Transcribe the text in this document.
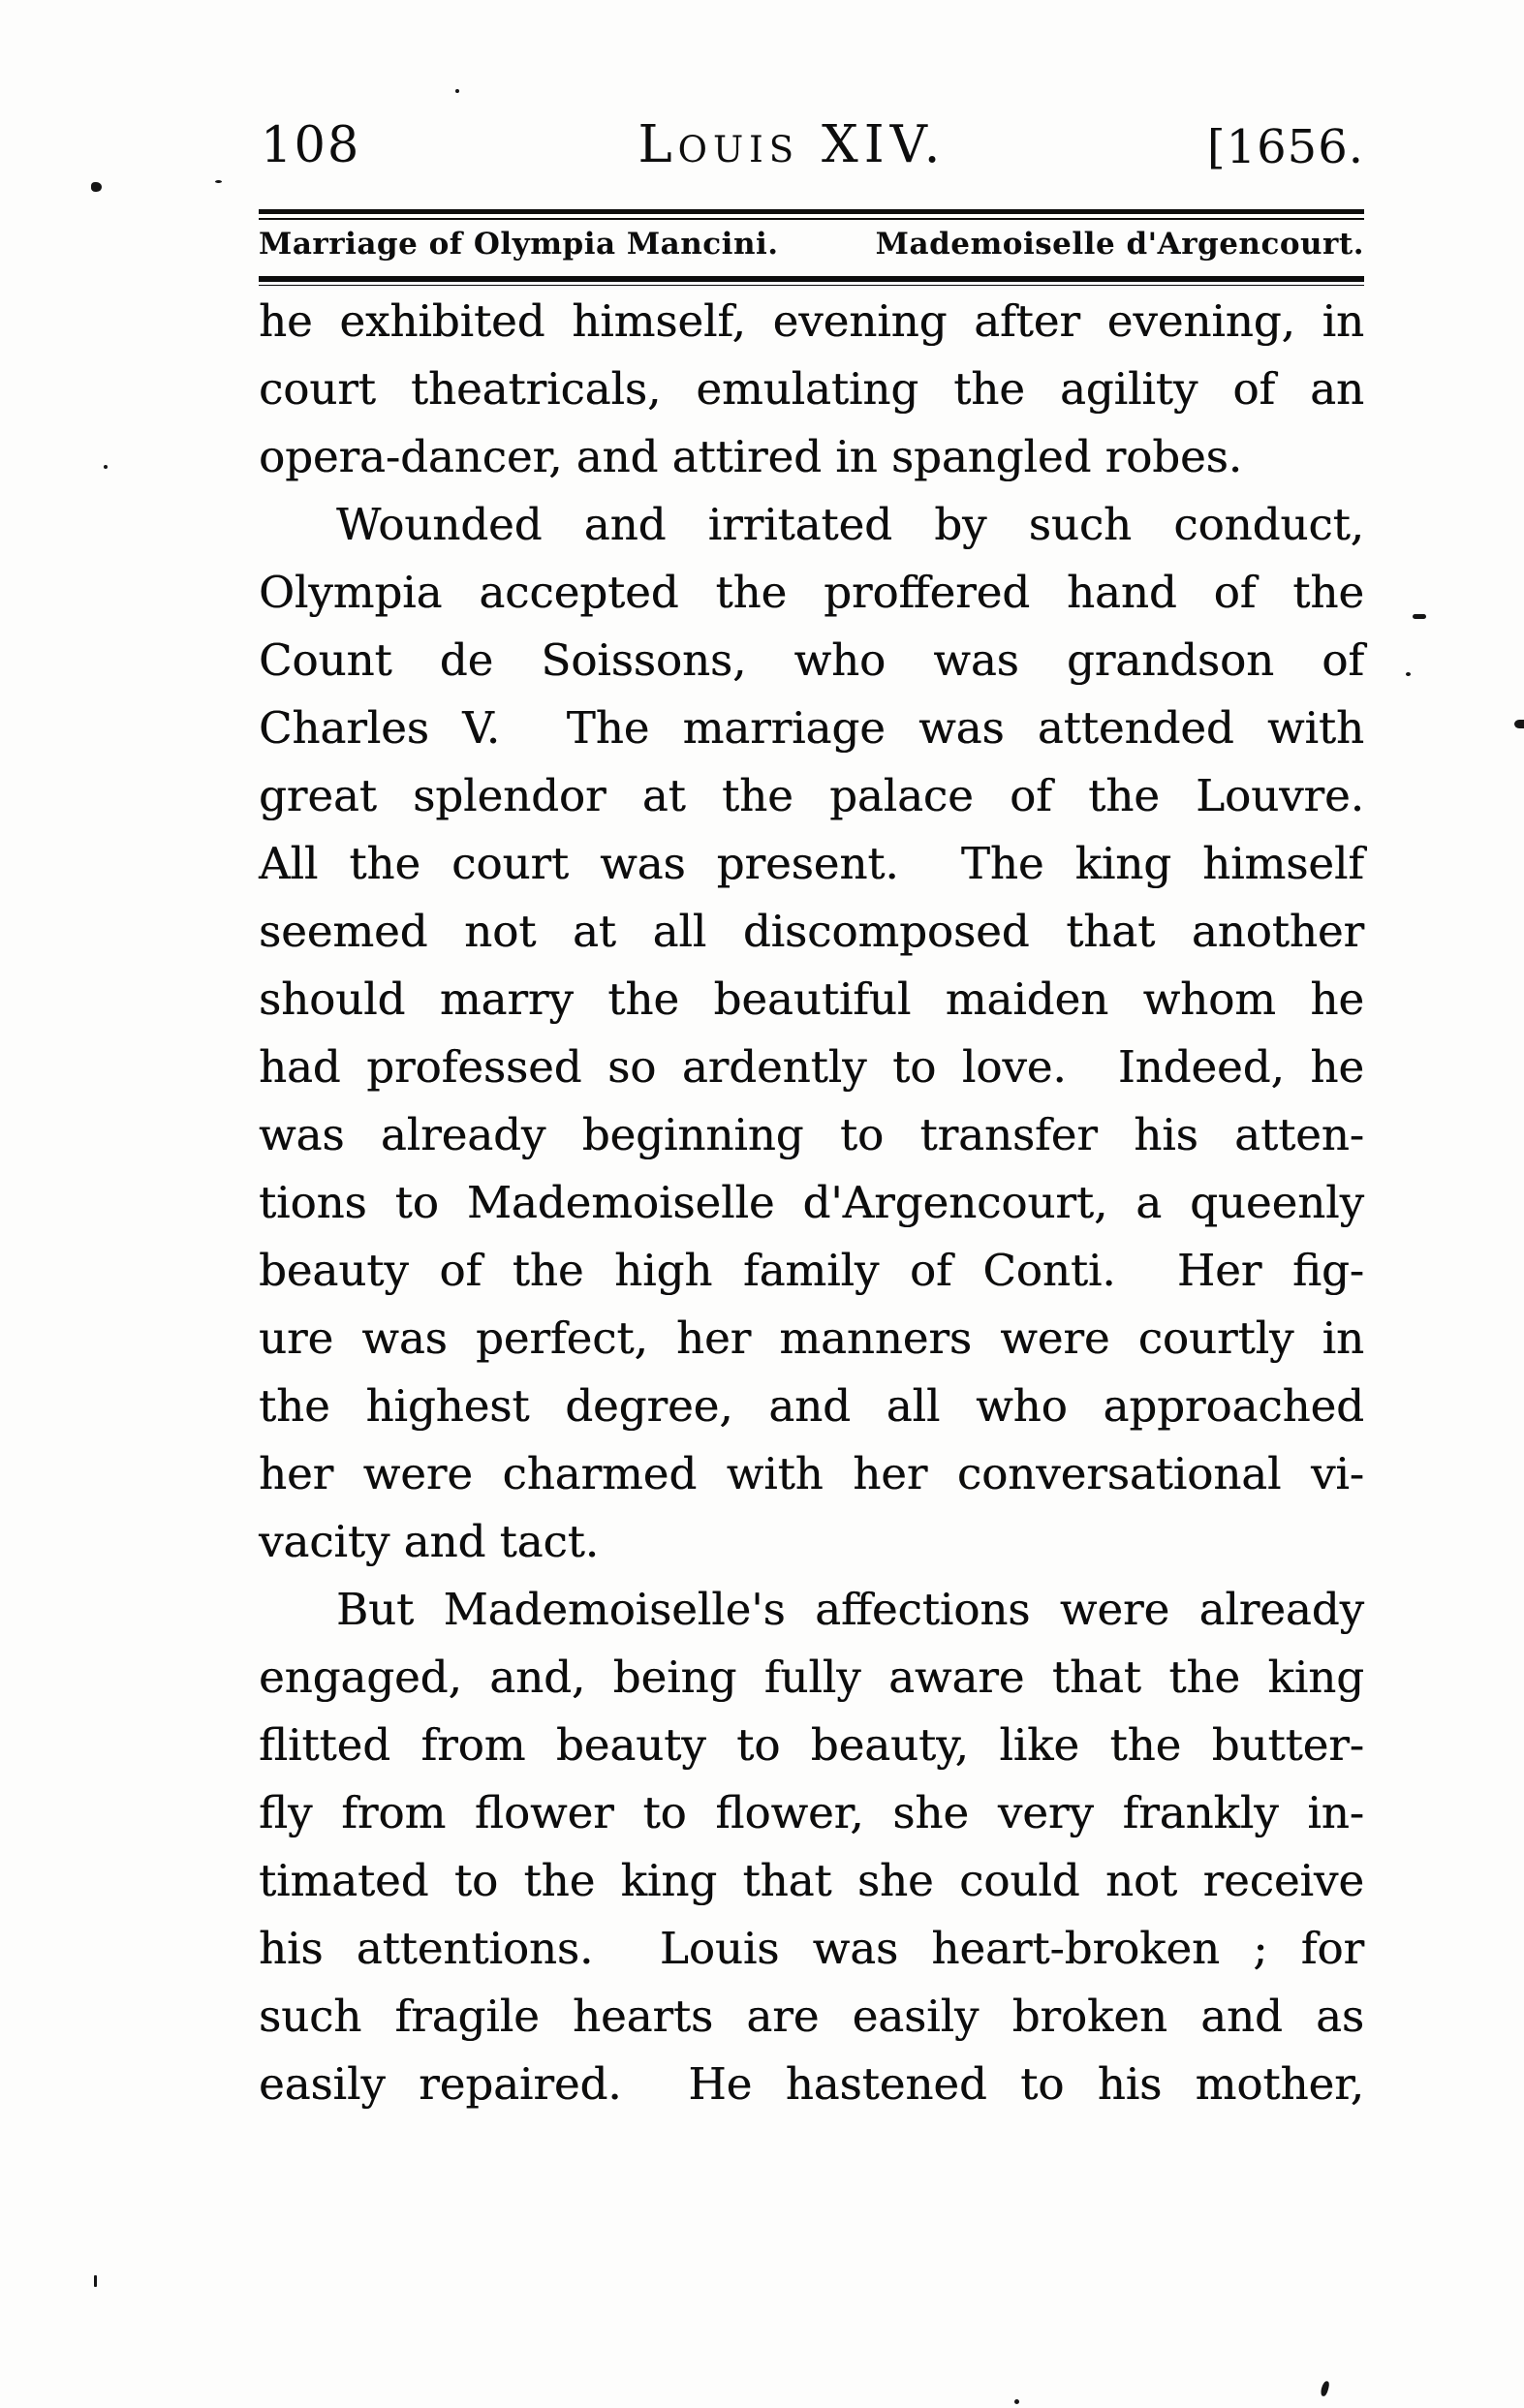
108	Louis XIV.	[1656.
Marriage of Olympia Mancini.	Mademoiselle d'Argencourt.
he exhibited himself, evening after evening, in
court theatricals, emulating the agility of an
opera-dancer, and attired in spangled robes.
Wounded and irritated by such conduct,
Olympia accepted the proffered hand of the
Count de Soissons, who was grandson of
Charles V.  The marriage was attended with
great splendor at the palace of the Louvre.
All the court was present.  The king himself
seemed not at all discomposed that another
should marry the beautiful maiden whom he
had professed so ardently to love.  Indeed, he
was already beginning to transfer his atten-
tions to Mademoiselle d'Argencourt, a queenly
beauty of the high family of Conti.  Her fig-
ure was perfect, her manners were courtly in
the highest degree, and all who approached
her were charmed with her conversational vi-
vacity and tact.
But Mademoiselle's affections were already
engaged, and, being fully aware that the king
flitted from beauty to beauty, like the butter-
fly from flower to flower, she very frankly in-
timated to the king that she could not receive
his attentions.  Louis was heart-broken ; for
such fragile hearts are easily broken and as
easily repaired.  He hastened to his mother,
